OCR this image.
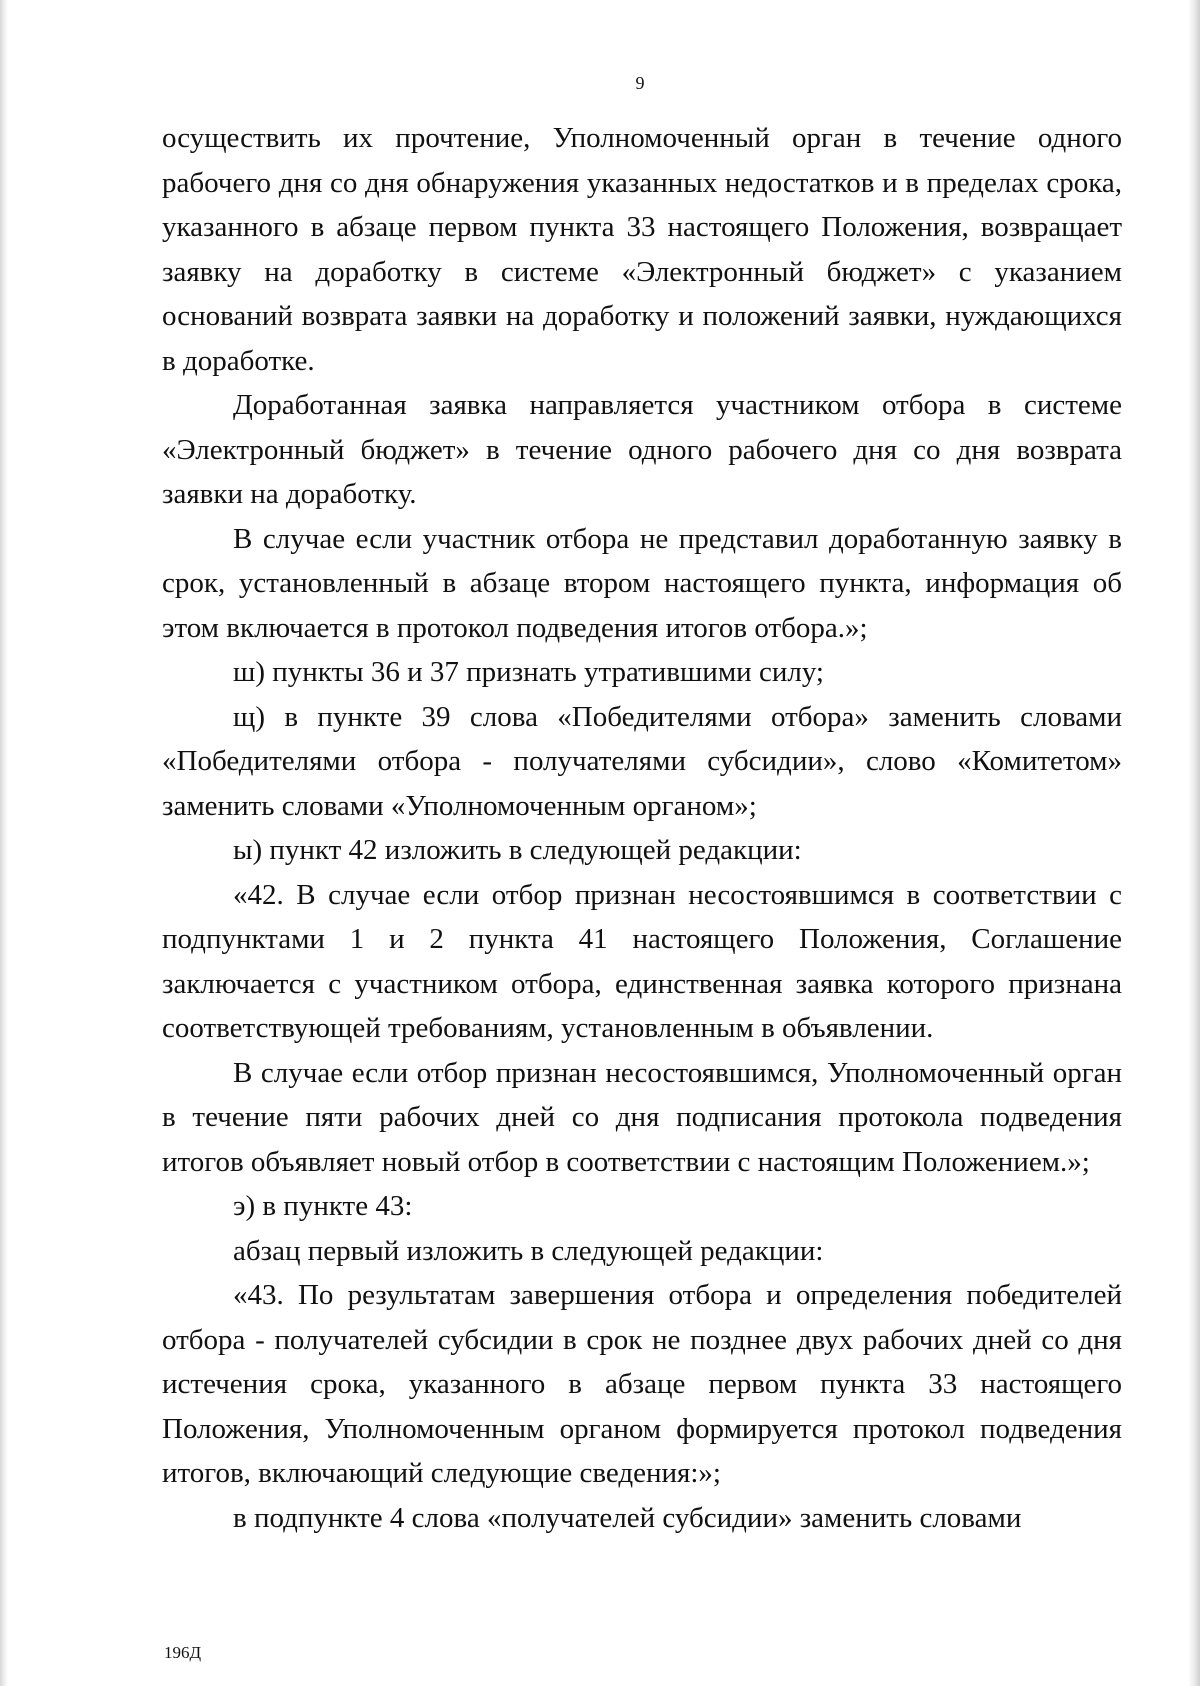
9

осуществить их прочтение, Уполномоченный орган в течение одного рабочего дня со дня обнаружения указанных недостатков и в пределах срока, указанного в абзаце первом пункта 33 настоящего Положения, возвращает заявку на доработку в системе «Электронный бюджет» с указанием оснований возврата заявки на доработку и положений заявки, нуждающихся в доработке.

Доработанная заявка направляется участником отбора в системе «Электронный бюджет» в течение одного рабочего дня со дня возврата заявки на доработку.

В случае если участник отбора не представил доработанную заявку в срок, установленный в абзаце втором настоящего пункта, информация об этом включается в протокол подведения итогов отбора.»;

ш) пункты 36 и 37 признать утратившими силу;

щ) в пункте 39 слова «Победителями отбора» заменить словами «Победителями отбора - получателями субсидии», слово «Комитетом» заменить словами «Уполномоченным органом»;

ы) пункт 42 изложить в следующей редакции:

«42. В случае если отбор признан несостоявшимся в соответствии с подпунктами 1 и 2 пункта 41 настоящего Положения, Соглашение заключается с участником отбора, единственная заявка которого признана соответствующей требованиям, установленным в объявлении.

В случае если отбор признан несостоявшимся, Уполномоченный орган в течение пяти рабочих дней со дня подписания протокола подведения итогов объявляет новый отбор в соответствии с настоящим Положением.»;

э) в пункте 43:

абзац первый изложить в следующей редакции:

«43. По результатам завершения отбора и определения победителей отбора - получателей субсидии в срок не позднее двух рабочих дней со дня истечения срока, указанного в абзаце первом пункта 33 настоящего Положения, Уполномоченным органом формируется протокол подведения итогов, включающий следующие сведения:»;

в подпункте 4 слова «получателей субсидии» заменить словами

196Д
